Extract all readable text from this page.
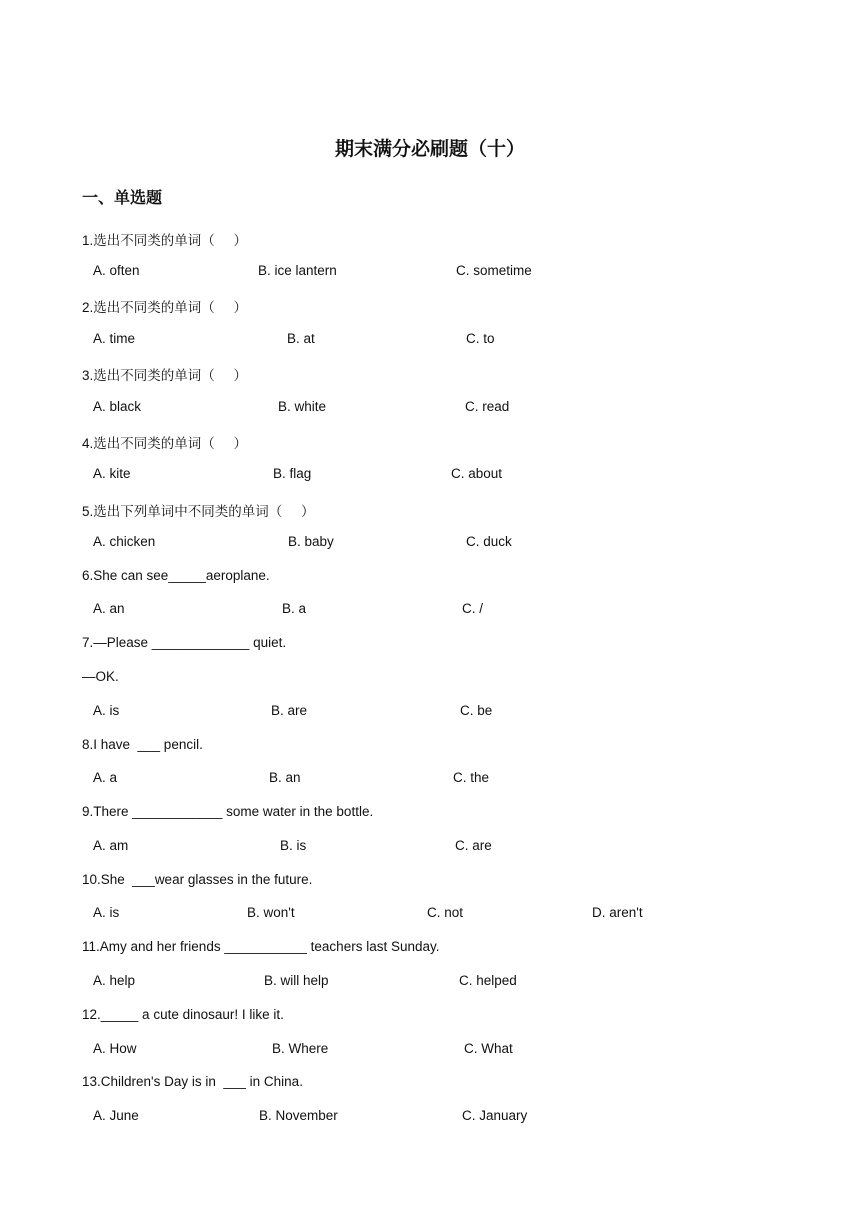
期末满分必刷题（十）
一、单选题
1.选出不同类的单词（     ）
A. often	B. ice lantern	C. sometime
2.选出不同类的单词（     ）
A. time	B. at	C. to
3.选出不同类的单词（     ）
A. black	B. white	C. read
4.选出不同类的单词（     ）
A. kite	B. flag	C. about
5.选出下列单词中不同类的单词（     ）
A. chicken	B. baby	C. duck
6.She can see_____aeroplane.
A. an	B. a	C. /
7.—Please _____________ quiet.
—OK.
A. is	B. are	C. be
8.I have  ___ pencil.
A. a	B. an	C. the
9.There ____________ some water in the bottle.
A. am	B. is	C. are
10.She  ___wear glasses in the future.
A. is	B. won't	C. not	D. aren't
11.Amy and her friends ___________ teachers last Sunday.
A. help	B. will help	C. helped
12._____ a cute dinosaur! I like it.
A. How	B. Where	C. What
13.Children's Day is in  ___ in China.
A. June	B. November	C. January
